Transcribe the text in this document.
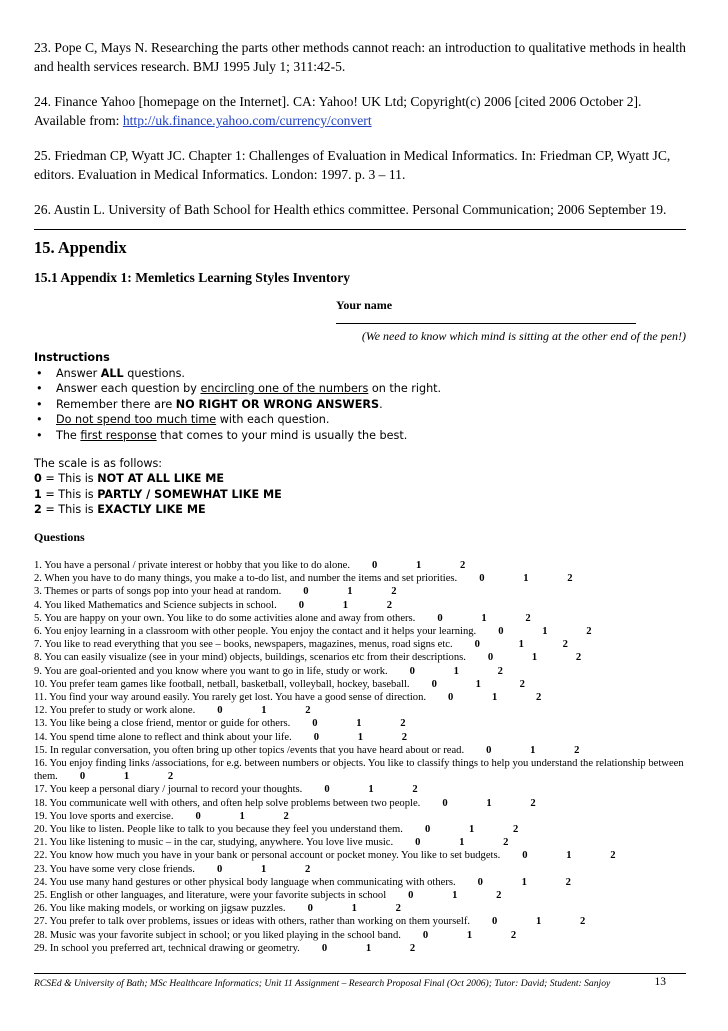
23. Pope C, Mays N. Researching the parts other methods cannot reach: an introduction to qualitative methods in health and health services research. BMJ 1995 July 1; 311:42-5.

24. Finance Yahoo [homepage on the Internet]. CA: Yahoo! UK Ltd; Copyright(c) 2006 [cited 2006 October 2]. Available from: http://uk.finance.yahoo.com/currency/convert

25. Friedman CP, Wyatt JC. Chapter 1: Challenges of Evaluation in Medical Informatics. In: Friedman CP, Wyatt JC, editors. Evaluation in Medical Informatics. London: 1997. p. 3 – 11.

26. Austin L. University of Bath School for Health ethics committee. Personal Communication; 2006 September 19.

15. Appendix
15.1 Appendix 1: Memletics Learning Styles Inventory
Your name
(We need to know which mind is sitting at the other end of the pen!)
Instructions
• Answer ALL questions.
• Answer each question by encircling one of the numbers on the right.
• Remember there are NO RIGHT OR WRONG ANSWERS.
• Do not spend too much time with each question.
• The first response that comes to your mind is usually the best.
The scale is as follows:
0 = This is NOT AT ALL LIKE ME
1 = This is PARTLY / SOMEWHAT LIKE ME
2 = This is EXACTLY LIKE ME
Questions
1. You have a personal / private interest or hobby that you like to do alone. 0	1	2
2. When you have to do many things, you make a to-do list, and number the items and set priorities. 0	1	2
3. Themes or parts of songs pop into your head at random. 0	1	2
4. You liked Mathematics and Science subjects in school. 0	1	2
5. You are happy on your own. You like to do some activities alone and away from others. 0	1	2
6. You enjoy learning in a classroom with other people. You enjoy the contact and it helps your learning. 0	1	2
7. You like to read everything that you see – books, newspapers, magazines, menus, road signs etc. 0	1	2
8. You can easily visualize (see in your mind) objects, buildings, scenarios etc from their descriptions. 0	1	2
9. You are goal-oriented and you know where you want to go in life, study or work. 0	1	2
10. You prefer team games like football, netball, basketball, volleyball, hockey, baseball. 0	1	2
11. You find your way around easily. You rarely get lost. You have a good sense of direction. 0	1	2
12. You prefer to study or work alone. 0	1	2
13. You like being a close friend, mentor or guide for others. 0	1	2
14. You spend time alone to reflect and think about your life. 0	1	2
15. In regular conversation, you often bring up other topics /events that you have heard about or read. 0	1	2
16. You enjoy finding links /associations, for e.g. between numbers or objects. You like to classify things to help you understand the relationship between them. 0	1	2
17. You keep a personal diary / journal to record your thoughts. 0	1	2
18. You communicate well with others, and often help solve problems between two people. 0	1	2
19. You love sports and exercise. 0	1	2
20. You like to listen. People like to talk to you because they feel you understand them. 0	1	2
21. You like listening to music – in the car, studying, anywhere. You love live music. 0	1	2
22. You know how much you have in your bank or personal account or pocket money. You like to set budgets. 0	1	2
23. You have some very close friends. 0	1	2
24. You use many hand gestures or other physical body language when communicating with others. 0	1	2
25. English or other languages, and literature, were your favorite subjects in school 0	1	2
26. You like making models, or working on jigsaw puzzles. 0	1	2
27. You prefer to talk over problems, issues or ideas with others, rather than working on them yourself. 0	1	2
28. Music was your favorite subject in school; or you liked playing in the school band. 0	1	2
29. In school you preferred art, technical drawing or geometry. 0	1	2
RCSEd & University of Bath; MSc Healthcare Informatics; Unit 11 Assignment – Research Proposal Final (Oct 2006); Tutor: David; Student: Sanjoy	13
